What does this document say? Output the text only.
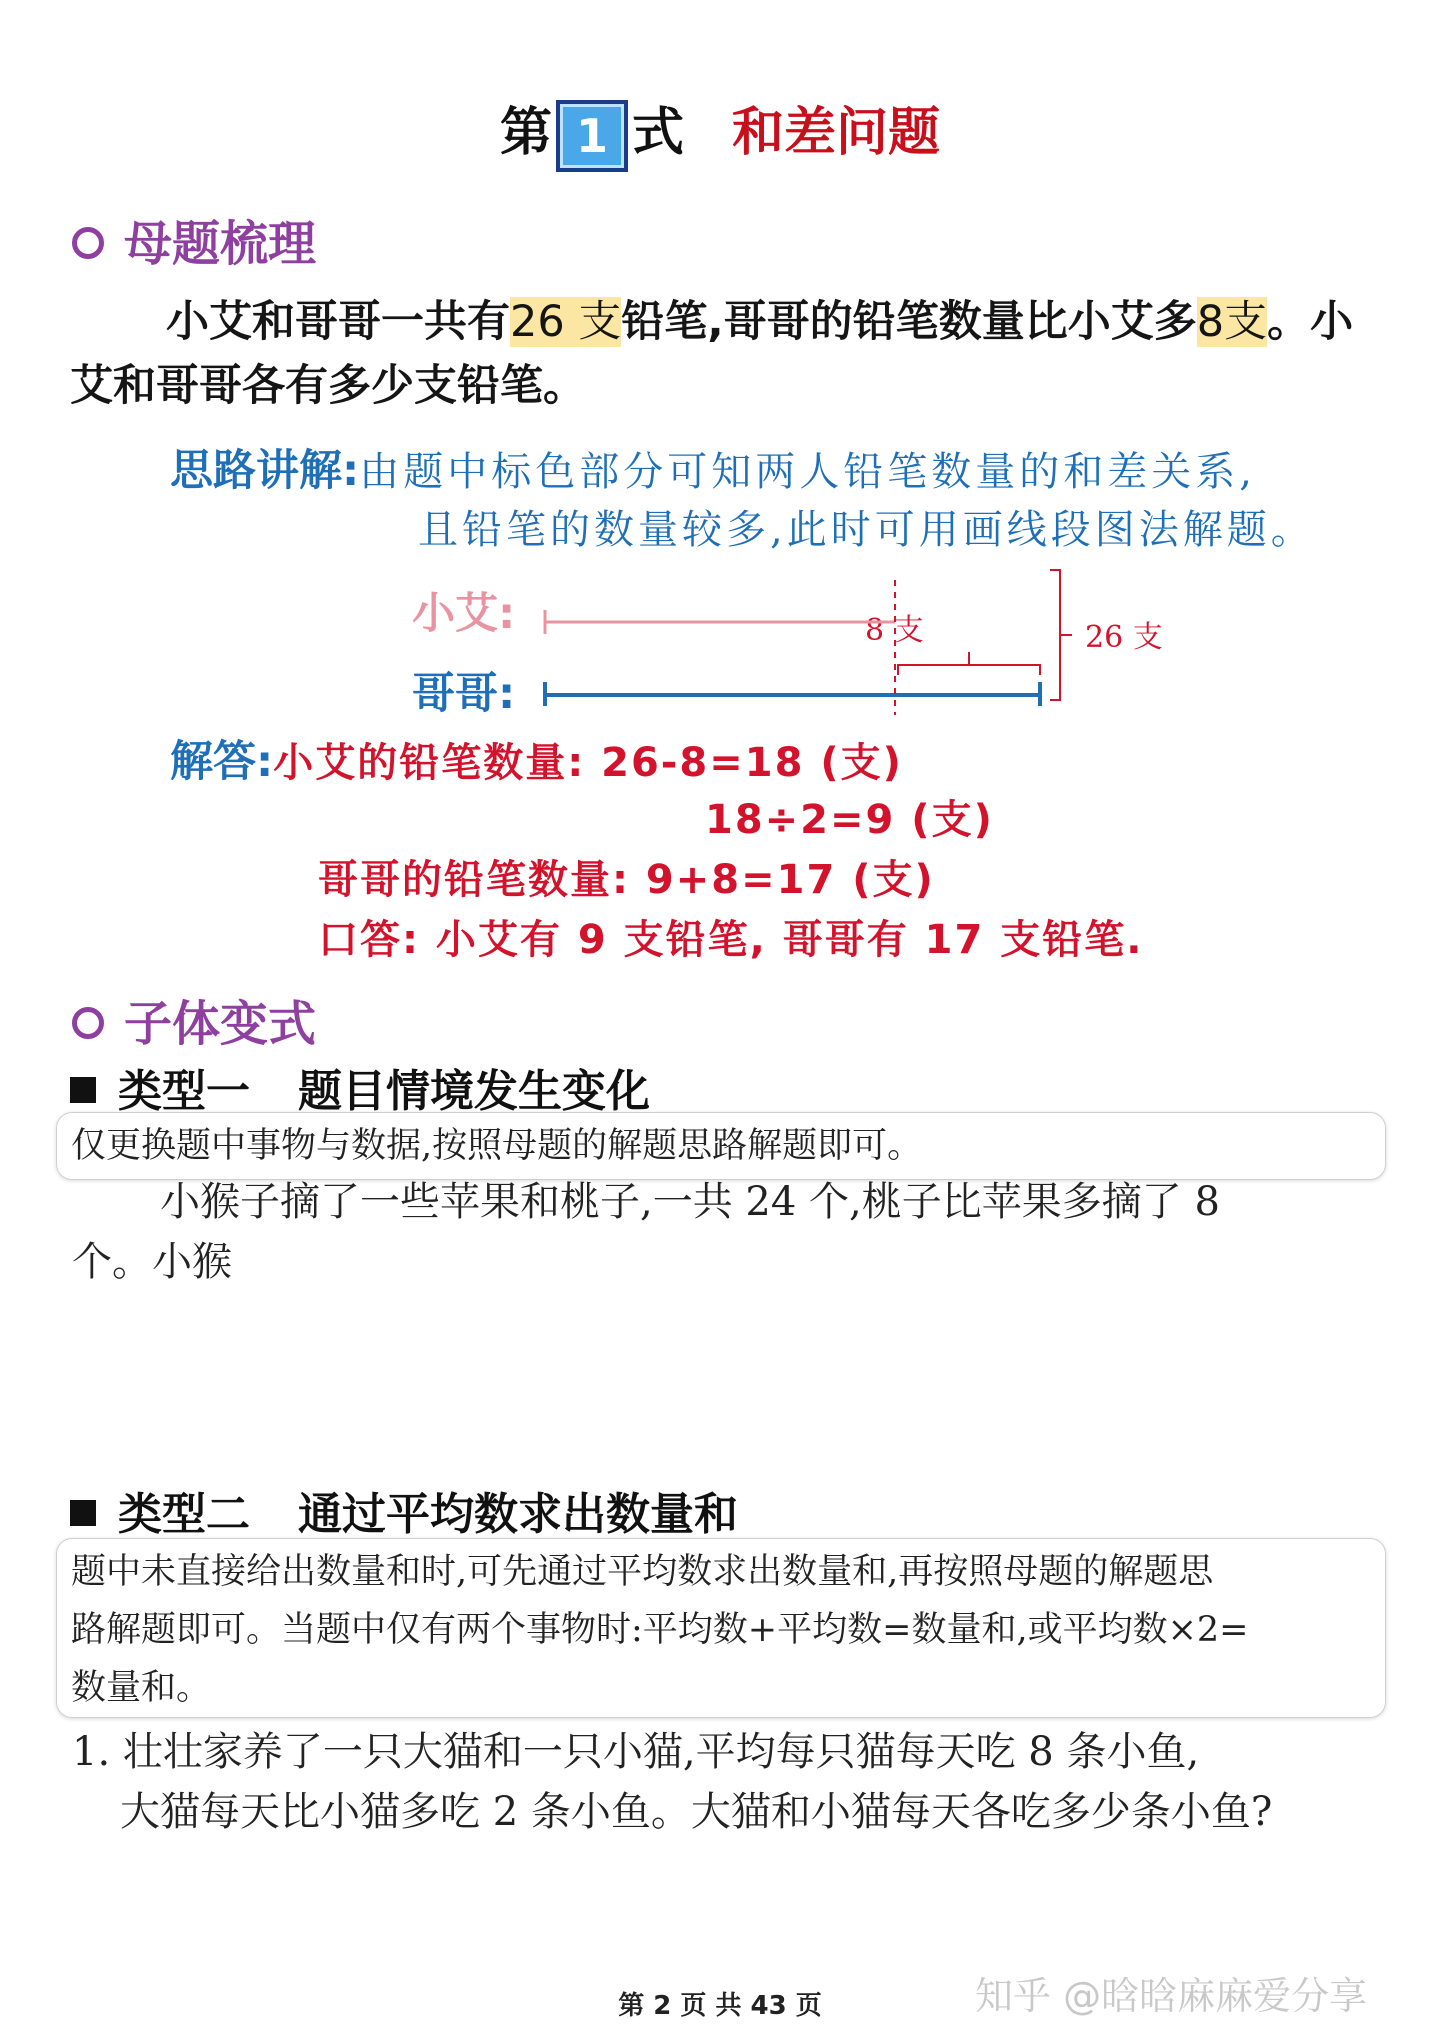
第 1 式 和差问题
母题梳理
小艾和哥哥一共有26 支铅笔,哥哥的铅笔数量比小艾多8支。小艾和哥哥各有多少支铅笔。
思路讲解:由题中标色部分可知两人铅笔数量的和差关系,
且铅笔的数量较多,此时可用画线段图法解题。
小艾:
哥哥:
8 支	26 支
解答:小艾的铅笔数量: 26-8=18 (支)
18÷2=9 (支)
哥哥的铅笔数量: 9+8=17 (支)
口答: 小艾有 9 支铅笔, 哥哥有 17 支铅笔.
子体变式
类型一 题目情境发生变化
仅更换题中事物与数据,按照母题的解题思路解题即可。
小猴子摘了一些苹果和桃子,一共 24 个,桃子比苹果多摘了 8
个。小猴
类型二 通过平均数求出数量和
题中未直接给出数量和时,可先通过平均数求出数量和,再按照母题的解题思
路解题即可。当题中仅有两个事物时:平均数+平均数=数量和,或平均数×2=
数量和。
1. 壮壮家养了一只大猫和一只小猫,平均每只猫每天吃 8 条小鱼,
大猫每天比小猫多吃 2 条小鱼。大猫和小猫每天各吃多少条小鱼?
第 2 页 共 43 页	知乎 @晗晗麻麻爱分享
